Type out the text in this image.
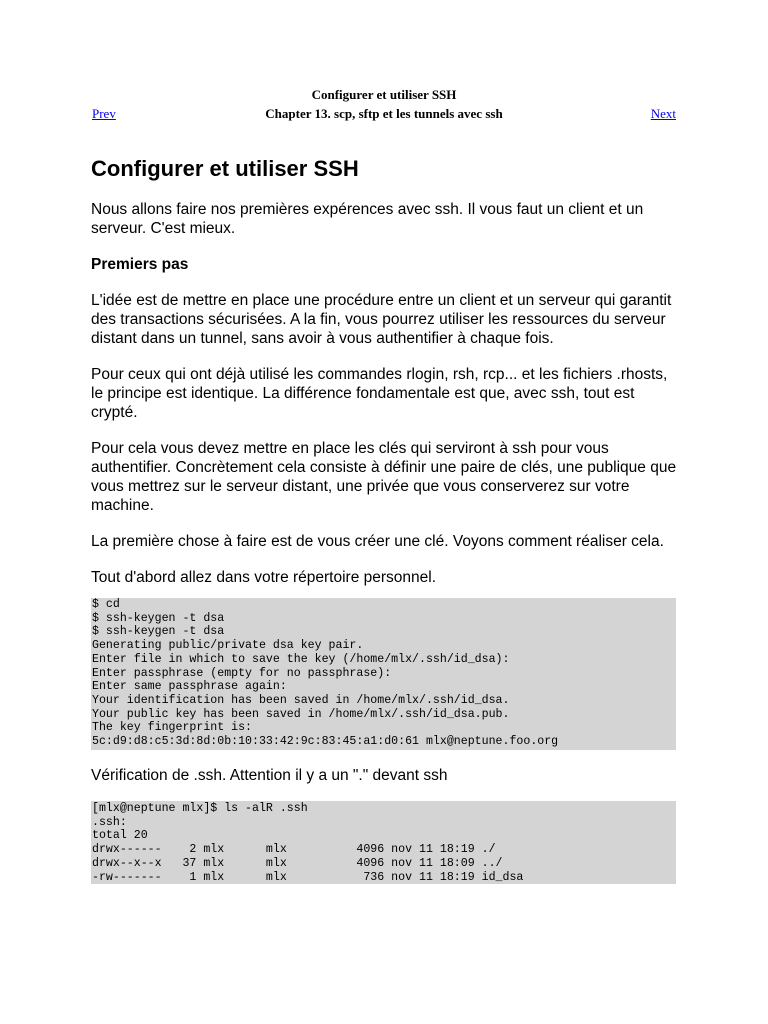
Configurer et utiliser SSH
Prev	Chapter 13. scp, sftp et les tunnels avec ssh	Next
Configurer et utiliser SSH

Nous allons faire nos premières expérences avec ssh. Il vous faut un client et un serveur. C'est mieux.

Premiers pas

L'idée est de mettre en place une procédure entre un client et un serveur qui garantit des transactions sécurisées. A la fin, vous pourrez utiliser les ressources du serveur distant dans un tunnel, sans avoir à vous authentifier à chaque fois.

Pour ceux qui ont déjà utilisé les commandes rlogin, rsh, rcp... et les fichiers .rhosts, le principe est identique. La différence fondamentale est que, avec ssh, tout est crypté.

Pour cela vous devez mettre en place les clés qui serviront à ssh pour vous authentifier. Concrètement cela consiste à définir une paire de clés, une publique que vous mettrez sur le serveur distant, une privée que vous conserverez sur votre machine.

La première chose à faire est de vous créer une clé. Voyons comment réaliser cela.

Tout d'abord allez dans votre répertoire personnel.

$ cd
$ ssh-keygen -t dsa
$ ssh-keygen -t dsa
Generating public/private dsa key pair.
Enter file in which to save the key (/home/mlx/.ssh/id_dsa):
Enter passphrase (empty for no passphrase):
Enter same passphrase again:
Your identification has been saved in /home/mlx/.ssh/id_dsa.
Your public key has been saved in /home/mlx/.ssh/id_dsa.pub.
The key fingerprint is:
5c:d9:d8:c5:3d:8d:0b:10:33:42:9c:83:45:a1:d0:61 mlx@neptune.foo.org

Vérification de .ssh. Attention il y a un "." devant ssh

[mlx@neptune mlx]$ ls -alR .ssh
.ssh:
total 20
drwx------    2 mlx      mlx          4096 nov 11 18:19 ./
drwx--x--x   37 mlx      mlx          4096 nov 11 18:09 ../
-rw-------    1 mlx      mlx           736 nov 11 18:19 id_dsa
